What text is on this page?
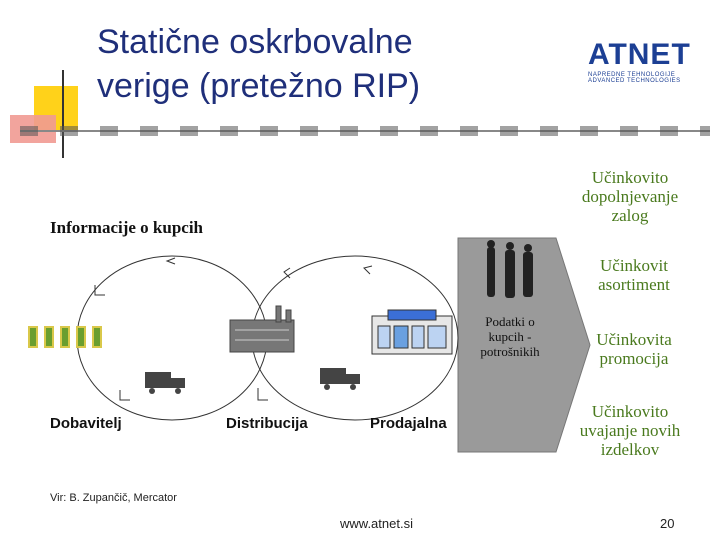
Statične oskrbovalne
verige (pretežno RIP)
ATNET
NAPREDNE TEHNOLOGIJE
ADVANCED TECHNOLOGIES
Informacije o kupcih
Podatki o kupcih - potrošnikih
Dobavitelj	Distribucija	Prodajalna
Učinkovito dopolnjevanje zalog
Učinkovit asortiment
Učinkovita promocija
Učinkovito uvajanje novih izdelkov
Vir: B. Zupančič, Mercator
www.atnet.si	20
